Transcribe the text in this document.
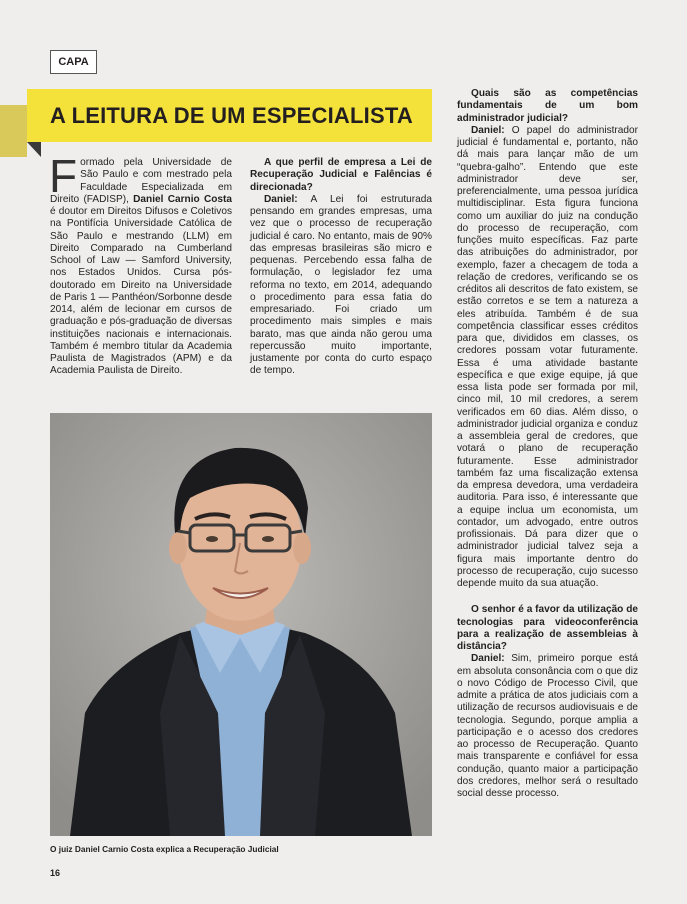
CAPA
A LEITURA DE UM ESPECIALISTA

Formado pela Universidade de São Paulo e com mestrado pela Faculdade Especializada em Direito (FADISP), Daniel Carnio Costa é doutor em Direitos Difusos e Coletivos na Pontifícia Universidade Católica de São Paulo e mestrando (LLM) em Direito Comparado na Cumberland School of Law — Samford University, nos Estados Unidos. Cursa pós-doutorado em Direito na Universidade de Paris 1 — Panthéon/Sorbonne desde 2014, além de lecionar em cursos de graduação e pós-graduação de diversas instituições nacionais e internacionais. Também é membro titular da Academia Paulista de Magistrados (APM) e da Academia Paulista de Direito.

A que perfil de empresa a Lei de Recuperação Judicial e Falências é direcionada?

Daniel: A Lei foi estruturada pensando em grandes empresas, uma vez que o processo de recuperação judicial é caro. No entanto, mais de 90% das empresas brasileiras são micro e pequenas. Percebendo essa falha de formulação, o legislador fez uma reforma no texto, em 2014, adequando o procedimento para essa fatia do empresariado. Foi criado um procedimento mais simples e mais barato, mas que ainda não gerou uma repercussão muito importante, justamente por conta do curto espaço de tempo.

Quais são as competências fundamentais de um bom administrador judicial?

Daniel: O papel do administrador judicial é fundamental e, portanto, não dá mais para lançar mão de um “quebra-galho”. Entendo que este administrador deve ser, preferencialmente, uma pessoa jurídica multidisciplinar. Esta figura funciona como um auxiliar do juiz na condução do processo de recuperação, com funções muito específicas. Faz parte das atribuições do administrador, por exemplo, fazer a checagem de toda a relação de credores, verificando se os créditos ali descritos de fato existem, se estão corretos e se tem a natureza a eles atribuída. Também é de sua competência classificar esses créditos para que, divididos em classes, os credores possam votar futuramente. Essa é uma atividade bastante específica e que exige equipe, já que essa lista pode ser formada por mil, cinco mil, 10 mil credores, a serem verificados em 60 dias. Além disso, o administrador judicial organiza e conduz a assembleia geral de credores, que votará o plano de recuperação futuramente. Esse administrador também faz uma fiscalização extensa da empresa devedora, uma verdadeira auditoria. Para isso, é interessante que a equipe inclua um economista, um contador, um advogado, entre outros profissionais. Dá para dizer que o administrador judicial talvez seja a figura mais importante dentro do processo de recuperação, cujo sucesso depende muito da sua atuação.

O senhor é a favor da utilização de tecnologias para videoconferência para a realização de assembleias à distância?

Daniel: Sim, primeiro porque está em absoluta consonância com o que diz o novo Código de Processo Civil, que admite a prática de atos judiciais com a utilização de recursos audiovisuais e de tecnologia. Segundo, porque amplia a participação e o acesso dos credores ao processo de Recuperação. Quanto mais transparente e confiável for essa condução, quanto maior a participação dos credores, melhor será o resultado social desse processo.

O juiz Daniel Carnio Costa explica a Recuperação Judicial
16
